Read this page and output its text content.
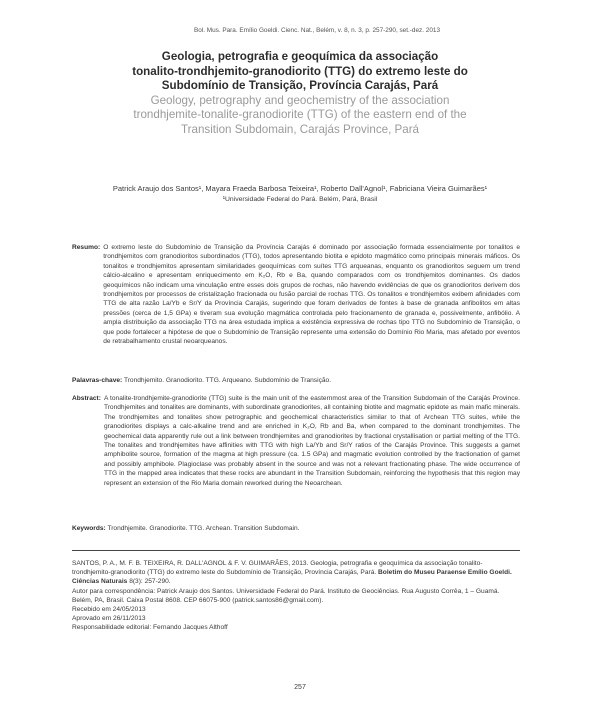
Bol. Mus. Para. Emílio Goeldi. Cienc. Nat., Belém, v. 8, n. 3, p. 257-290, set.-dez. 2013

Geologia, petrografia e geoquímica da associação

tonalito-trondhjemito-granodiorito (TTG) do extremo leste do

Subdomínio de Transição, Província Carajás, Pará

Geology, petrography and geochemistry of the association

trondhjemite-tonalite-granodiorite (TTG) of the eastern end of the

Transition Subdomain, Carajás Province, Pará

Patrick Araujo dos Santos¹, Mayara Fraeda Barbosa Teixeira¹, Roberto Dall'Agnol¹, Fabriciana Vieira Guimarães¹
¹Universidade Federal do Pará. Belém, Pará, Brasil
Resumo: O extremo leste do Subdomínio de Transição da Província Carajás é dominado por associação formada essencialmente por tonalitos e trondhjemitos com granodioritos subordinados (TTG), todos apresentando biotita e epidoto magmático como principais minerais máficos. Os tonalitos e trondhjemitos apresentam similaridades geoquímicas com suítes TTG arqueanas, enquanto os granodioritos seguem um trend cálcio-alcalino e apresentam enriquecimento em K₂O, Rb e Ba, quando comparados com os trondhjemitos dominantes. Os dados geoquímicos não indicam uma vinculação entre esses dois grupos de rochas, não havendo evidências de que os granodioritos derivem dos trondhjemitos por processos de cristalização fracionada ou fusão parcial de rochas TTG. Os tonalitos e trondhjemitos exibem afinidades com TTG de alta razão La/Yb e Sr/Y da Província Carajás, sugerindo que foram derivados de fontes à base de granada anfibolitos em altas pressões (cerca de 1,5 GPa) e tiveram sua evolução magmática controlada pelo fracionamento de granada e, possivelmente, anfibólio. A ampla distribuição da associação TTG na área estudada implica a existência expressiva de rochas tipo TTG no Subdomínio de Transição, o que pode fortalecer a hipótese de que o Subdomínio de Transição represente uma extensão do Domínio Rio Maria, mas afetado por eventos de retrabalhamento crustal neoarqueanos.
Palavras-chave: Trondhjemito. Granodiorito. TTG. Arqueano. Subdomínio de Transição.
Abstract: A tonalite-trondhjemite-granodiorite (TTG) suite is the main unit of the easternmost area of the Transition Subdomain of the Carajás Province. Trondhjemites and tonalites are dominants, with subordinate granodiorites, all containing biotite and magmatic epidote as main mafic minerals. The trondhjemites and tonalites show petrographic and geochemical characteristics similar to that of Archean TTG suites, while the granodiorites displays a calc-alkaline trend and are enriched in K₂O, Rb and Ba, when compared to the dominant trondhjemites. The geochemical data apparently rule out a link between trondhjemites and granodiorites by fractional crystallisation or partial melting of the TTG. The tonalites and trondhjemites have affinities with TTG with high La/Yb and Sr/Y ratios of the Carajás Province. This suggests a garnet amphibolite source, formation of the magma at high pressure (ca. 1.5 GPa) and magmatic evolution controlled by the fractionation of garnet and possibly amphibole. Plagioclase was probably absent in the source and was not a relevant fractionating phase. The wide occurrence of TTG in the mapped area indicates that these rocks are abundant in the Transition Subdomain, reinforcing the hypothesis that this region may represent an extension of the Rio Maria domain reworked during the Neoarchean.
Keywords: Trondhjemite. Granodiorite. TTG. Archean. Transition Subdomain.

SANTOS, P. A., M. F. B. TEIXEIRA, R. DALL'AGNOL & F. V. GUIMARÃES, 2013. Geologia, petrografia e geoquímica da associação tonalito-trondhjemito-granodiorito (TTG) do extremo leste do Subdomínio de Transição, Província Carajás, Pará. Boletim do Museu Paraense Emílio Goeldi. Ciências Naturais 8(3): 257-290.

Autor para correspondência: Patrick Araujo dos Santos. Universidade Federal do Pará. Instituto de Geociências. Rua Augusto Corrêa, 1 – Guamá. Belém, PA, Brasil. Caixa Postal 8608. CEP 66075-900 (patrick.santos86@gmail.com).

Recebido em 24/05/2013

Aprovado em 26/11/2013

Responsabilidade editorial: Fernando Jacques Althoff

257
